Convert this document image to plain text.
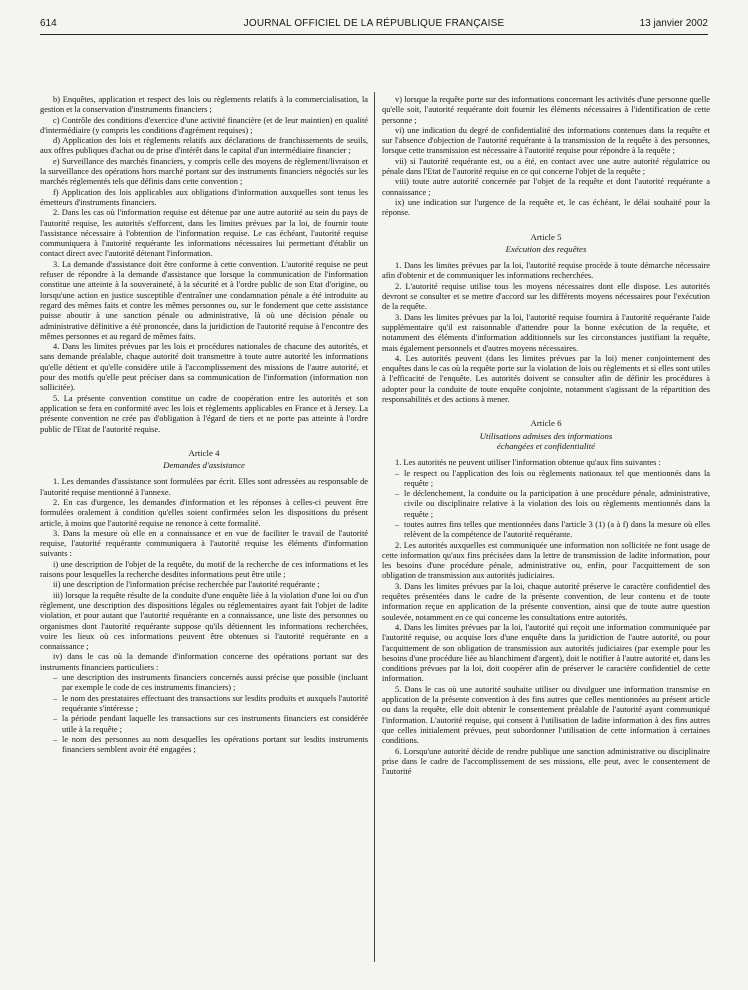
614	JOURNAL OFFICIEL DE LA RÉPUBLIQUE FRANÇAISE	13 janvier 2002

b) Enquêtes, application et respect des lois ou règlements relatifs à la commercialisation, la gestion et la conservation d'instruments financiers ;

c) Contrôle des conditions d'exercice d'une activité financière (et de leur maintien) en qualité d'intermédiaire (y compris les conditions d'agrément requises) ;

d) Application des lois et règlements relatifs aux déclarations de franchissements de seuils, aux offres publiques d'achat ou de prise d'intérêt dans le capital d'un intermédiaire financier ;

e) Surveillance des marchés financiers, y compris celle des moyens de règlement/livraison et la surveillance des opérations hors marché portant sur des instruments financiers négociés sur les marchés réglementés tels que définis dans cette convention ;

f) Application des lois applicables aux obligations d'information auxquelles sont tenus les émetteurs d'instruments financiers.

2. Dans les cas où l'information requise est détenue par une autre autorité au sein du pays de l'autorité requise, les autorités s'efforcent, dans les limites prévues par la loi, de fournir toute l'assistance nécessaire à l'obtention de l'information requise. Le cas échéant, l'autorité requise communiquera à l'autorité requérante les informations nécessaires lui permettant d'établir un contact direct avec l'autorité détenant l'information.

3. La demande d'assistance doit être conforme à cette convention. L'autorité requise ne peut refuser de répondre à la demande d'assistance que lorsque la communication de l'information constitue une atteinte à la souveraineté, à la sécurité et à l'ordre public de son Etat d'origine, ou lorsqu'une action en justice susceptible d'entraîner une condamnation pénale a été introduite au regard des mêmes faits et contre les mêmes personnes ou, sur le fondement que cette assistance puisse aboutir à une sanction pénale ou administrative, là où une décision pénale ou administrative définitive a été prononcée, dans la juridiction de l'autorité requise à l'encontre des mêmes personnes et au regard de mêmes faits.

4. Dans les limites prévues par les lois et procédures nationales de chacune des autorités, et sans demande préalable, chaque autorité doit transmettre à toute autre autorité les informations qu'elle détient et qu'elle considère utile à l'accomplissement des missions de l'autre autorité, et pour des motifs qu'elle peut préciser dans sa communication de l'information (information non sollicitée).

5. La présente convention constitue un cadre de coopération entre les autorités et son application se fera en conformité avec les lois et règlements applicables en France et à Jersey. La présente convention ne crée pas d'obligation à l'égard de tiers et ne porte pas atteinte à l'ordre public de l'Etat de l'autorité requise.

Article 4
Demandes d'assistance

1. Les demandes d'assistance sont formulées par écrit. Elles sont adressées au responsable de l'autorité requise mentionné à l'annexe.

2. En cas d'urgence, les demandes d'information et les réponses à celles-ci peuvent être formulées oralement à condition qu'elles soient confirmées selon les dispositions du présent article, à moins que l'autorité requise ne renonce à cette formalité.

3. Dans la mesure où elle en a connaissance et en vue de faciliter le travail de l'autorité requise, l'autorité requérante communiquera à l'autorité requise les éléments d'information suivants :

i) une description de l'objet de la requête, du motif de la recherche de ces informations et les raisons pour lesquelles la recherche desdites informations peut être utile ;

ii) une description de l'information précise recherchée par l'autorité requérante ;

iii) lorsque la requête résulte de la conduite d'une enquête liée à la violation d'une loi ou d'un règlement, une description des dispositions légales ou réglementaires ayant fait l'objet de ladite violation, et pour autant que l'autorité requérante en a connaissance, une liste des personnes ou organismes dont l'autorité requérante suppose qu'ils détiennent les informations recherchées, voire les lieux où ces informations peuvent être obtenues si l'autorité requérante en a connaissance ;

iv) dans le cas où la demande d'information concerne des opérations portant sur des instruments financiers particuliers :

– une description des instruments financiers concernés aussi précise que possible (incluant par exemple le code de ces instruments financiers) ;
– le nom des prestataires effectuant des transactions sur lesdits produits et auxquels l'autorité requérante s'intéresse ;
– la période pendant laquelle les transactions sur ces instruments financiers est considérée utile à la requête ;
– le nom des personnes au nom desquelles les opérations portant sur lesdits instruments financiers semblent avoir été engagées ;

v) lorsque la requête porte sur des informations concernant les activités d'une personne quelle qu'elle soit, l'autorité requérante doit fournir les éléments nécessaires à l'identification de cette personne ;

vi) une indication du degré de confidentialité des informations contenues dans la requête et sur l'absence d'objection de l'autorité requérante à la transmission de la requête à des personnes, lorsque cette transmission est nécessaire à l'autorité requise pour répondre à la requête ;

vii) si l'autorité requérante est, ou a été, en contact avec une autre autorité régulatrice ou pénale dans l'Etat de l'autorité requise en ce qui concerne l'objet de la requête ;

viii) toute autre autorité concernée par l'objet de la requête et dont l'autorité requérante a connaissance ;

ix) une indication sur l'urgence de la requête et, le cas échéant, le délai souhaité pour la réponse.

Article 5
Exécution des requêtes

1. Dans les limites prévues par la loi, l'autorité requise procède à toute démarche nécessaire afin d'obtenir et de communiquer les informations recherchées.

2. L'autorité requise utilise tous les moyens nécessaires dont elle dispose. Les autorités devront se consulter et se mettre d'accord sur les différents moyens nécessaires pour l'exécution de la requête.

3. Dans les limites prévues par la loi, l'autorité requise fournira à l'autorité requérante l'aide supplémentaire qu'il est raisonnable d'attendre pour la bonne exécution de la requête, et notamment des éléments d'information additionnels sur les circonstances justifiant la requête, mais également personnels et d'autres moyens nécessaires.

4. Les autorités peuvent (dans les limites prévues par la loi) mener conjointement des enquêtes dans le cas où la requête porte sur la violation de lois ou règlements et si elles sont utiles à l'efficacité de l'enquête. Les autorités doivent se consulter afin de définir les procédures à adopter pour la conduite de toute enquête conjointe, notamment s'agissant de la répartition des responsabilités et des actions à mener.

Article 6
Utilisations admises des informations
échangées et confidentialité

1. Les autorités ne peuvent utiliser l'information obtenue qu'aux fins suivantes :

– le respect ou l'application des lois ou règlements nationaux tel que mentionnés dans la requête ;
– le déclenchement, la conduite ou la participation à une procédure pénale, administrative, civile ou disciplinaire relative à la violation des lois ou règlements mentionnés dans la requête ;
– toutes autres fins telles que mentionnées dans l'article 3 (1) (a à f) dans la mesure où elles relèvent de la compétence de l'autorité requérante.

2. Les autorités auxquelles est communiquée une information non sollicitée ne font usage de cette information qu'aux fins précisées dans la lettre de transmission de ladite information, pour les besoins d'une procédure pénale, administrative ou, enfin, pour l'acquittement de son obligation de transmission aux autorités judiciaires.

3. Dans les limites prévues par la loi, chaque autorité préserve le caractère confidentiel des requêtes présentées dans le cadre de la présente convention, de leur contenu et de toute information reçue en application de la présente convention, ainsi que de toute autre question soulevée, notamment en ce qui concerne les consultations entre autorités.

4. Dans les limites prévues par la loi, l'autorité qui reçoit une information communiquée par l'autorité requise, ou acquise lors d'une enquête dans la juridiction de l'autre autorité, ou pour l'acquittement de son obligation de transmission aux autorités judiciaires (par exemple pour les besoins d'une procédure liée au blanchiment d'argent), doit le notifier à l'autre autorité et, dans les conditions prévues par la loi, doit coopérer afin de préserver le caractère confidentiel de cette information.

5. Dans le cas où une autorité souhaite utiliser ou divulguer une information transmise en application de la présente convention à des fins autres que celles mentionnées au présent article ou dans la requête, elle doit obtenir le consentement préalable de l'autorité ayant communiqué l'information. L'autorité requise, qui consent à l'utilisation de ladite information à des fins autres que celles initialement prévues, peut subordonner l'utilisation de cette information à certaines conditions.

6. Lorsqu'une autorité décide de rendre publique une sanction administrative ou disciplinaire prise dans le cadre de l'accomplissement de ses missions, elle peut, avec le consentement de l'autorité
